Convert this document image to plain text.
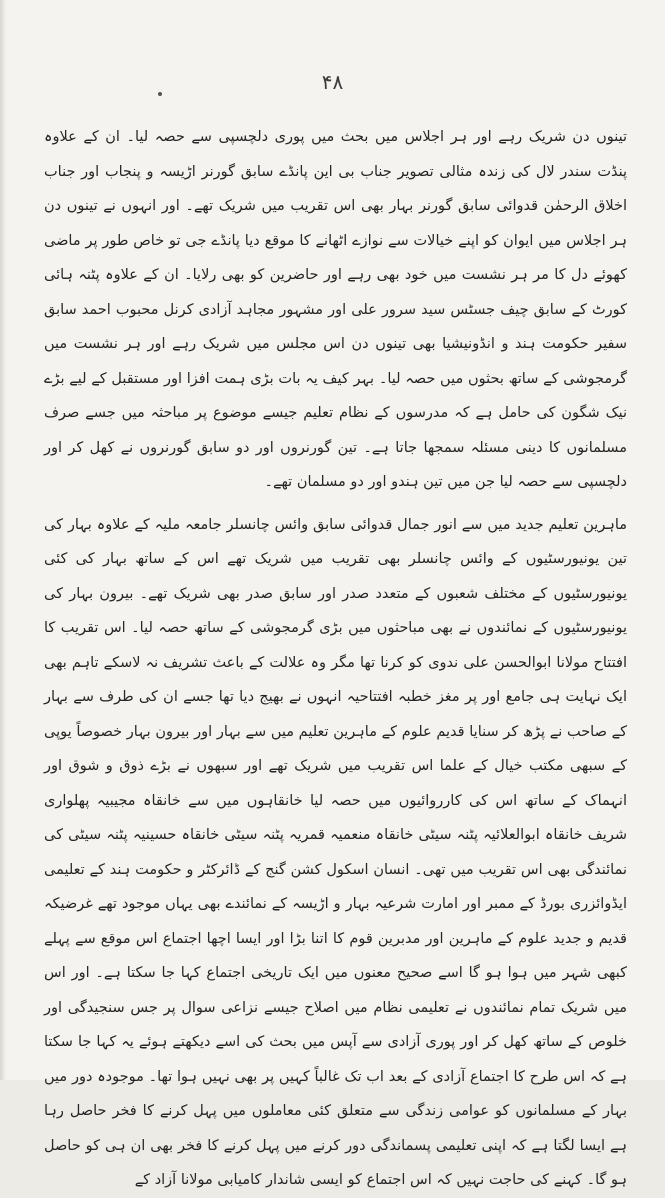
۴۸

تینوں دن شریک رہے اور ہر اجلاس میں بحث میں پوری دلچسپی سے حصہ لیا۔ ان کے علاوہ پنڈت سندر لال کی زندہ مثالی تصویر جناب بی این پانڈے سابق گورنر اڑیسہ و پنجاب اور جناب اخلاق الرحمٰن قدوائی سابق گورنر بہار بھی اس تقریب میں شریک تھے۔ اور انہوں نے تینوں دن ہر اجلاس میں ایوان کو اپنے خیالات سے نوازے اٹھانے کا موقع دیا پانڈے جی تو خاص طور پر ماضی کھوئے دل کا مر ہر نشست میں خود بھی رہے اور حاضرین کو بھی رلایا۔ ان کے علاوہ پٹنہ ہائی کورٹ کے سابق چیف جسٹس سید سرور علی اور مشہور مجاہد آزادی کرنل محبوب احمد سابق سفیر حکومت ہند و انڈونیشیا بھی تینوں دن اس مجلس میں شریک رہے اور ہر نشست میں گرمجوشی کے ساتھ بحثوں میں حصہ لیا۔ بہر کیف یہ بات بڑی ہمت افزا اور مستقبل کے لیے بڑے نیک شگون کی حامل ہے کہ مدرسوں کے نظام تعلیم جیسے موضوع پر مباحثہ میں جسے صرف مسلمانوں کا دینی مسئلہ سمجھا جاتا ہے۔ تین گورنروں اور دو سابق گورنروں نے کھل کر اور دلچسپی سے حصہ لیا جن میں تین ہندو اور دو مسلمان تھے۔

ماہرین تعلیم جدید میں سے انور جمال قدوائی سابق وائس چانسلر جامعہ ملیہ کے علاوہ بہار کی تین یونیورسٹیوں کے وائس چانسلر بھی تقریب میں شریک تھے اس کے ساتھ بہار کی کئی یونیورسٹیوں کے مختلف شعبوں کے متعدد صدر اور سابق صدر بھی شریک تھے۔ بیرون بہار کی یونیورسٹیوں کے نمائندوں نے بھی مباحثوں میں بڑی گرمجوشی کے ساتھ حصہ لیا۔ اس تقریب کا افتتاح مولانا ابوالحسن علی ندوی کو کرنا تھا مگر وہ علالت کے باعث تشریف نہ لاسکے تاہم بھی ایک نہایت ہی جامع اور پر مغز خطبہ افتتاحیہ انہوں نے بھیج دیا تھا جسے ان کی طرف سے بہار کے صاحب نے پڑھ کر سنایا قدیم علوم کے ماہرین تعلیم میں سے بہار اور بیرون بہار خصوصاً یوپی کے سبھی مکتب خیال کے علما اس تقریب میں شریک تھے اور سبھوں نے بڑے ذوق و شوق اور انہماک کے ساتھ اس کی کارروائیوں میں حصہ لیا خانقاہوں میں سے خانقاہ مجیبیہ پھلواری شریف خانقاہ ابوالعلائیہ پٹنہ سیٹی خانقاہ منعمیہ قمریہ پٹنہ سیٹی خانقاہ حسینیہ پٹنہ سیٹی کی نمائندگی بھی اس تقریب میں تھی۔ انسان اسکول کشن گنج کے ڈائرکٹر و حکومت ہند کے تعلیمی ایڈوائزری بورڈ کے ممبر اور امارت شرعیہ بہار و اڑیسہ کے نمائندے بھی یہاں موجود تھے غرضیکہ قدیم و جدید علوم کے ماہرین اور مدبرین قوم کا اتنا بڑا اور ایسا اچھا اجتماع اس موقع سے پہلے کبھی شہر میں ہوا ہو گا اسے صحیح معنوں میں ایک تاریخی اجتماع کہا جا سکتا ہے۔ اور اس میں شریک تمام نمائندوں نے تعلیمی نظام میں اصلاح جیسے نزاعی سوال پر جس سنجیدگی اور خلوص کے ساتھ کھل کر اور پوری آزادی سے آپس میں بحث کی اسے دیکھتے ہوئے یہ کہا جا سکتا ہے کہ اس طرح کا اجتماع آزادی کے بعد اب تک غالباً کہیں پر بھی نہیں ہوا تھا۔ موجودہ دور میں بہار کے مسلمانوں کو عوامی زندگی سے متعلق کئی معاملوں میں پہل کرنے کا فخر حاصل رہا ہے ایسا لگتا ہے کہ اپنی تعلیمی پسماندگی دور کرنے میں پہل کرنے کا فخر بھی ان ہی کو حاصل ہو گا۔ کہنے کی حاجت نہیں کہ اس اجتماع کو ایسی شاندار کامیابی مولانا آزاد کے
